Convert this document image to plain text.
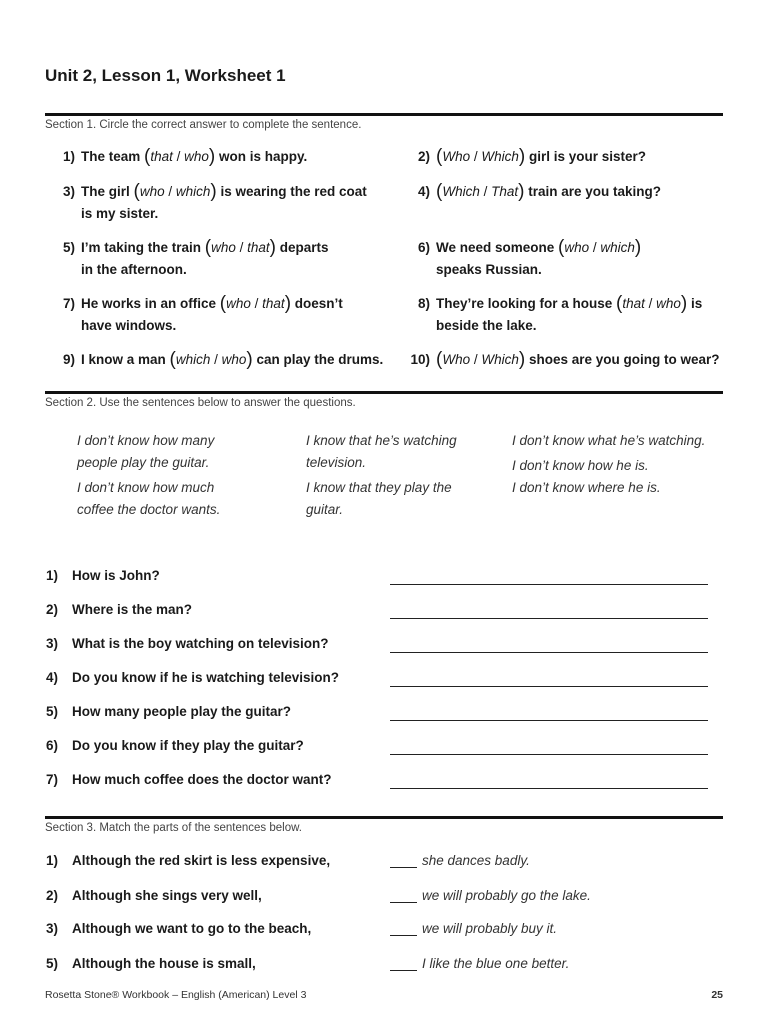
Unit 2, Lesson 1, Worksheet 1
Section 1. Circle the correct answer to complete the sentence.
1) The team (that / who) won is happy.	2) (Who / Which) girl is your sister?
3) The girl (who / which) is wearing the red coat
is my sister.
4) (Which / That) train are you taking?
5) I’m taking the train (who / that) departs
in the afternoon.
6) We need someone (who / which)
speaks Russian.
7) He works in an office (who / that) doesn’t
have windows.
8) They’re looking for a house (that / who) is
beside the lake.
9) I know a man (which / who) can play the drums.	10) (Who / Which) shoes are you going to wear?
Section 2. Use the sentences below to answer the questions.
I don’t know how many
people play the guitar.
I don’t know how much
coffee the doctor wants.
I know that he’s watching
television.
I know that they play the
guitar.
I don’t know what he’s watching.
I don’t know how he is.
I don’t know where he is.
1) How is John?
2) Where is the man?
3) What is the boy watching on television?
4) Do you know if he is watching television?
5) How many people play the guitar?
6) Do you know if they play the guitar?
7) How much coffee does the doctor want?
Section 3. Match the parts of the sentences below.
1) Although the red skirt is less expensive,	she dances badly.
2) Although she sings very well,	we will probably go the lake.
3) Although we want to go to the beach,	we will probably buy it.
5) Although the house is small,	I like the blue one better.
Rosetta Stone® Workbook – English (American) Level 3	25
